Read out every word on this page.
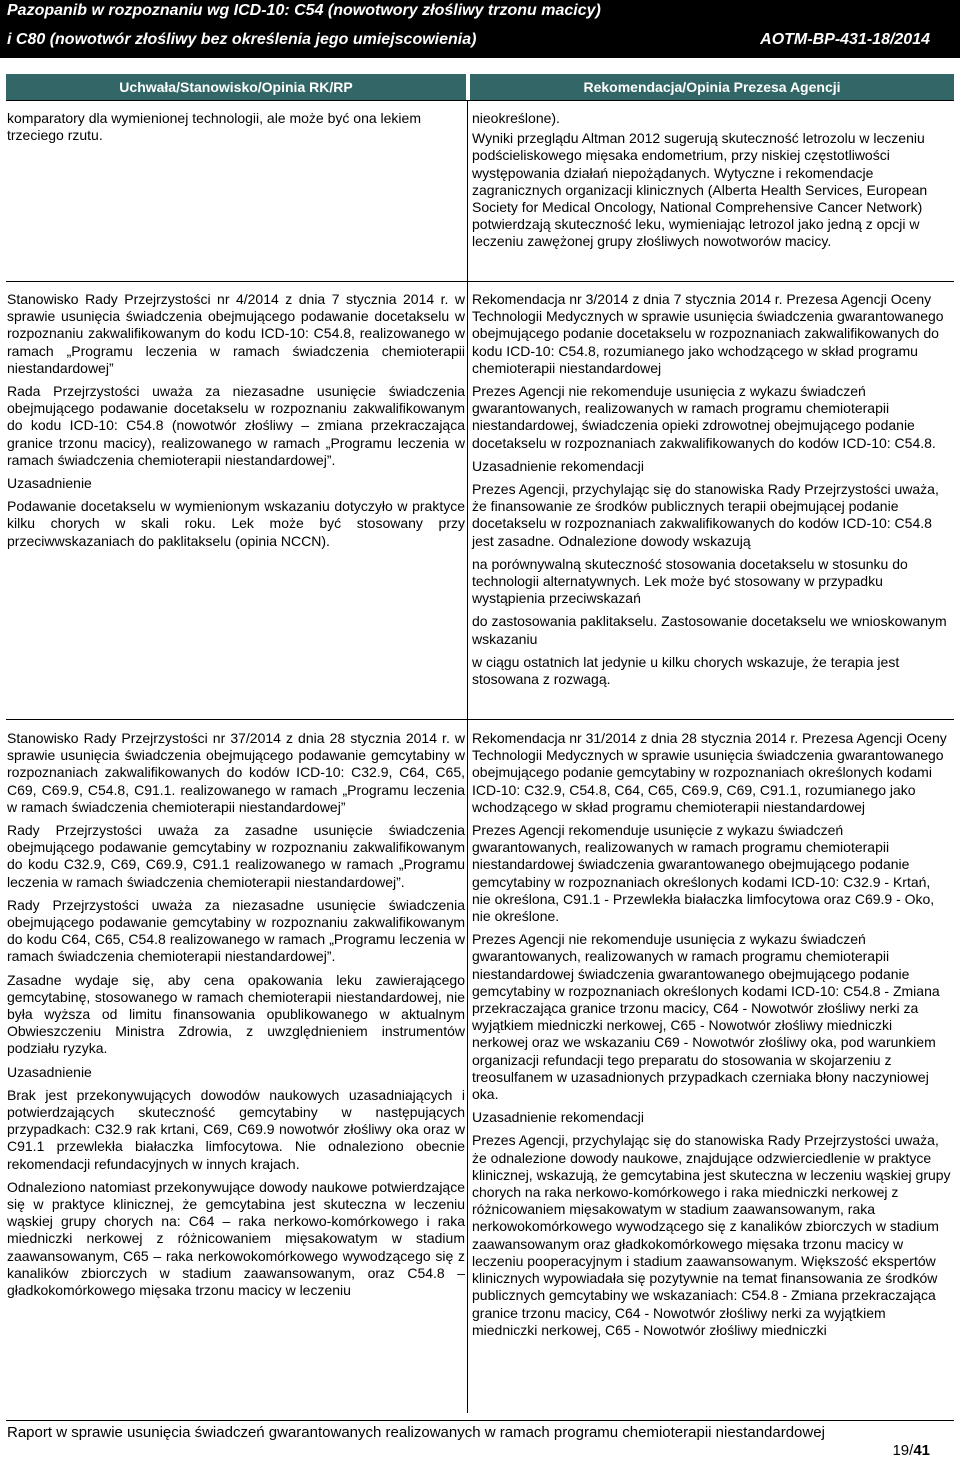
Pazopanib w rozpoznaniu wg ICD-10: C54 (nowotwory złośliwy trzonu macicy)
i C80 (nowotwór złośliwy bez określenia jego umiejscowienia)	AOTM-BP-431-18/2014
Uchwała/Stanowisko/Opinia RK/RP	Rekomendacja/Opinia Prezesa Agencji

komparatory dla wymienionej technologii, ale może być ona lekiem trzeciego rzutu.

nieokreślone).

Wyniki przeglądu Altman 2012 sugerują skuteczność letrozolu w leczeniu podścieliskowego mięsaka endometrium, przy niskiej częstotliwości występowania działań niepożądanych. Wytyczne i rekomendacje zagranicznych organizacji klinicznych (Alberta Health Services, European Society for Medical Oncology, National Comprehensive Cancer Network) potwierdzają skuteczność leku, wymieniając letrozol jako jedną z opcji w leczeniu zawężonej grupy złośliwych nowotworów macicy.

Stanowisko Rady Przejrzystości nr 4/2014 z dnia 7 stycznia 2014 r. w sprawie usunięcia świadczenia obejmującego podawanie docetakselu w rozpoznaniu zakwalifikowanym do kodu ICD-10: C54.8, realizowanego w ramach „Programu leczenia w ramach świadczenia chemioterapii niestandardowej”

Rada Przejrzystości uważa za niezasadne usunięcie świadczenia obejmującego podawanie docetakselu w rozpoznaniu zakwalifikowanym do kodu ICD-10: C54.8 (nowotwór złośliwy – zmiana przekraczająca granice trzonu macicy), realizowanego w ramach „Programu leczenia w ramach świadczenia chemioterapii niestandardowej”.

Uzasadnienie

Podawanie docetakselu w wymienionym wskazaniu dotyczyło w praktyce kilku chorych w skali roku. Lek może być stosowany przy przeciwwskazaniach do paklitakselu (opinia NCCN).

Rekomendacja nr 3/2014 z dnia 7 stycznia 2014 r. Prezesa Agencji Oceny Technologii Medycznych w sprawie usunięcia świadczenia gwarantowanego obejmującego podanie docetakselu w rozpoznaniach zakwalifikowanych do kodu ICD-10: C54.8, rozumianego jako wchodzącego w skład programu chemioterapii niestandardowej

Prezes Agencji nie rekomenduje usunięcia z wykazu świadczeń gwarantowanych, realizowanych w ramach programu chemioterapii niestandardowej, świadczenia opieki zdrowotnej obejmującego podanie docetakselu w rozpoznaniach zakwalifikowanych do kodów ICD-10: C54.8.

Uzasadnienie rekomendacji

Prezes Agencji, przychylając się do stanowiska Rady Przejrzystości uważa, że finansowanie ze środków publicznych terapii obejmującej podanie docetakselu w rozpoznaniach zakwalifikowanych do kodów ICD-10: C54.8 jest zasadne. Odnalezione dowody wskazują

na porównywalną skuteczność stosowania docetakselu w stosunku do technologii alternatywnych. Lek może być stosowany w przypadku wystąpienia przeciwskazań

do zastosowania paklitakselu. Zastosowanie docetakselu we wnioskowanym wskazaniu

w ciągu ostatnich lat jedynie u kilku chorych wskazuje, że terapia jest stosowana z rozwagą.

Stanowisko Rady Przejrzystości nr 37/2014 z dnia 28 stycznia 2014 r. w sprawie usunięcia świadczenia obejmującego podawanie gemcytabiny w rozpoznaniach zakwalifikowanych do kodów ICD-10: C32.9, C64, C65, C69, C69.9, C54.8, C91.1. realizowanego w ramach „Programu leczenia w ramach świadczenia chemioterapii niestandardowej”

Rady Przejrzystości uważa za zasadne usunięcie świadczenia obejmującego podawanie gemcytabiny w rozpoznaniu zakwalifikowanym do kodu C32.9, C69, C69.9, C91.1 realizowanego w ramach „Programu leczenia w ramach świadczenia chemioterapii niestandardowej”.

Rady Przejrzystości uważa za niezasadne usunięcie świadczenia obejmującego podawanie gemcytabiny w rozpoznaniu zakwalifikowanym do kodu C64, C65, C54.8 realizowanego w ramach „Programu leczenia w ramach świadczenia chemioterapii niestandardowej”.

Zasadne wydaje się, aby cena opakowania leku zawierającego gemcytabinę, stosowanego w ramach chemioterapii niestandardowej, nie była wyższa od limitu finansowania opublikowanego w aktualnym Obwieszczeniu Ministra Zdrowia, z uwzględnieniem instrumentów podziału ryzyka.

Uzasadnienie

Brak jest przekonywujących dowodów naukowych uzasadniających i potwierdzających skuteczność gemcytabiny w następujących przypadkach: C32.9 rak krtani, C69, C69.9 nowotwór złośliwy oka oraz w C91.1 przewlekła białaczka limfocytowa. Nie odnaleziono obecnie rekomendacji refundacyjnych w innych krajach.

Odnaleziono natomiast przekonywujące dowody naukowe potwierdzające się w praktyce klinicznej, że gemcytabina jest skuteczna w leczeniu wąskiej grupy chorych na: C64 – raka nerkowo-komórkowego i raka miedniczki nerkowej z różnicowaniem mięsakowatym w stadium zaawansowanym, C65 – raka nerkowokomórkowego wywodzącego się z kanalików zbiorczych w stadium zaawansowanym, oraz C54.8 – gładkokomórkowego mięsaka trzonu macicy w leczeniu

Rekomendacja nr 31/2014 z dnia 28 stycznia 2014 r. Prezesa Agencji Oceny Technologii Medycznych w sprawie usunięcia świadczenia gwarantowanego obejmującego podanie gemcytabiny w rozpoznaniach określonych kodami ICD-10: C32.9, C54.8, C64, C65, C69.9, C69, C91.1, rozumianego jako wchodzącego w skład programu chemioterapii niestandardowej

Prezes Agencji rekomenduje usunięcie z wykazu świadczeń gwarantowanych, realizowanych w ramach programu chemioterapii niestandardowej świadczenia gwarantowanego obejmującego podanie gemcytabiny w rozpoznaniach określonych kodami ICD-10: C32.9 - Krtań, nie określona, C91.1 - Przewlekła białaczka limfocytowa oraz C69.9 - Oko, nie określone.

Prezes Agencji nie rekomenduje usunięcia z wykazu świadczeń gwarantowanych, realizowanych w ramach programu chemioterapii niestandardowej świadczenia gwarantowanego obejmującego podanie gemcytabiny w rozpoznaniach określonych kodami ICD-10: C54.8 - Zmiana przekraczająca granice trzonu macicy, C64 - Nowotwór złośliwy nerki za wyjątkiem miedniczki nerkowej, C65 - Nowotwór złośliwy miedniczki nerkowej oraz we wskazaniu C69 - Nowotwór złośliwy oka, pod warunkiem organizacji refundacji tego preparatu do stosowania w skojarzeniu z treosulfanem w uzasadnionych przypadkach czerniaka błony naczyniowej oka.

Uzasadnienie rekomendacji

Prezes Agencji, przychylając się do stanowiska Rady Przejrzystości uważa, że odnalezione dowody naukowe, znajdujące odzwierciedlenie w praktyce klinicznej, wskazują, że gemcytabina jest skuteczna w leczeniu wąskiej grupy chorych na raka nerkowo-komórkowego i raka miedniczki nerkowej z różnicowaniem mięsakowatym w stadium zaawansowanym, raka nerkowokomórkowego wywodzącego się z kanalików zbiorczych w stadium zaawansowanym oraz gładkokomórkowego mięsaka trzonu macicy w leczeniu pooperacyjnym i stadium zaawansowanym. Większość ekspertów klinicznych wypowiadała się pozytywnie na temat finansowania ze środków publicznych gemcytabiny we wskazaniach: C54.8 - Zmiana przekraczająca granice trzonu macicy, C64 - Nowotwór złośliwy nerki za wyjątkiem miedniczki nerkowej, C65 - Nowotwór złośliwy miedniczki

Raport w sprawie usunięcia świadczeń gwarantowanych realizowanych w ramach programu chemioterapii niestandardowej
19/41
